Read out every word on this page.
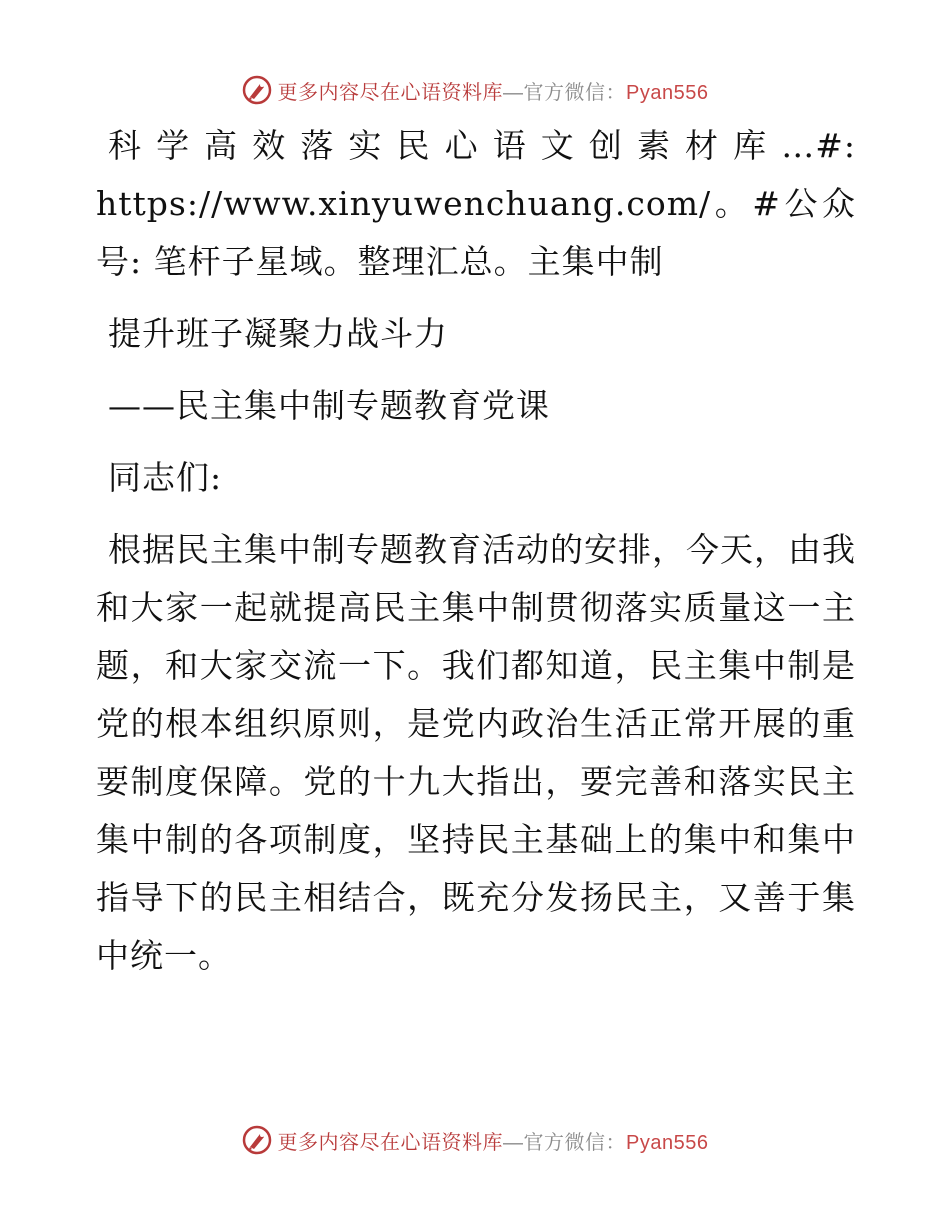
更多内容尽在心语资料库—官方微信：Pyan556

科学高效落实民心语文创素材库…#: https://www.xinyuwenchuang.com/。#公众号: 笔杆子星域。整理汇总。主集中制

提升班子凝聚力战斗力

——民主集中制专题教育党课

同志们:

根据民主集中制专题教育活动的安排，今天，由我和大家一起就提高民主集中制贯彻落实质量这一主题，和大家交流一下。我们都知道，民主集中制是党的根本组织原则，是党内政治生活正常开展的重要制度保障。党的十九大指出，要完善和落实民主集中制的各项制度，坚持民主基础上的集中和集中指导下的民主相结合，既充分发扬民主，又善于集中统一。

更多内容尽在心语资料库—官方微信：Pyan556
